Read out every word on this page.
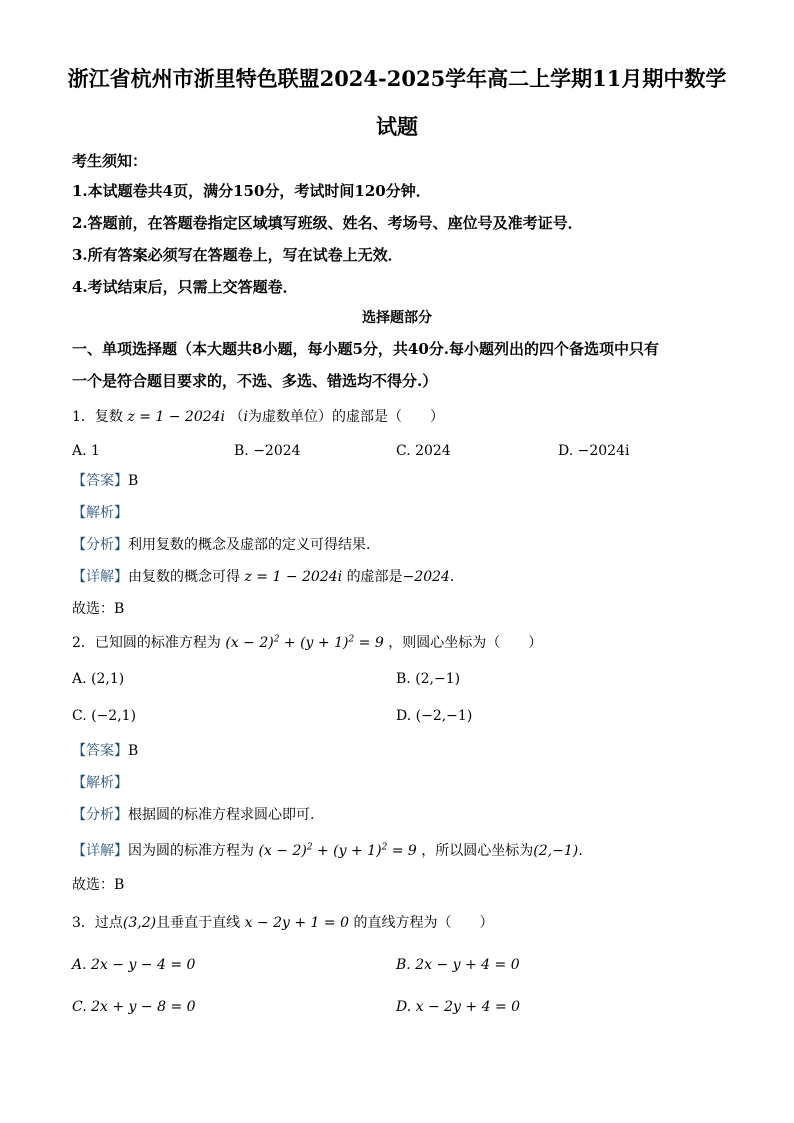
浙江省杭州市浙里特色联盟2024-2025学年高二上学期11月期中数学
试题
考生须知：
1.本试题卷共4页，满分150分，考试时间120分钟．
2.答题前，在答题卷指定区域填写班级、姓名、考场号、座位号及准考证号．
3.所有答案必须写在答题卷上，写在试卷上无效．
4.考试结束后，只需上交答题卷．
选择题部分
一、单项选择题（本大题共8小题，每小题5分，共40分.每小题列出的四个备选项中只有
一个是符合题目要求的，不选、多选、错选均不得分.）
1．复数 z = 1 − 2024i （i为虚数单位）的虚部是（　　）
A. 1	B. −2024	C. 2024	D. −2024i
【答案】B
【解析】
【分析】利用复数的概念及虚部的定义可得结果.
【详解】由复数的概念可得 z = 1 − 2024i 的虚部是−2024．
故选：B
2．已知圆的标准方程为 $(x - 2)^2 + (y + 1)^2 = 9$ ，则圆心坐标为（　　）
A. (2,1)	B. (2,−1)
C. (−2,1)	D. (−2,−1)
【答案】B
【解析】
【分析】根据圆的标准方程求圆心即可.
【详解】因为圆的标准方程为 $(x - 2)^2 + (y + 1)^2 = 9$ ，所以圆心坐标为(2,−1).
故选：B
3．过点(3,2)且垂直于直线 x − 2y + 1 = 0 的直线方程为（　　）
A. 2x − y − 4 = 0	B. 2x − y + 4 = 0
C. 2x + y − 8 = 0	D. x − 2y + 4 = 0
